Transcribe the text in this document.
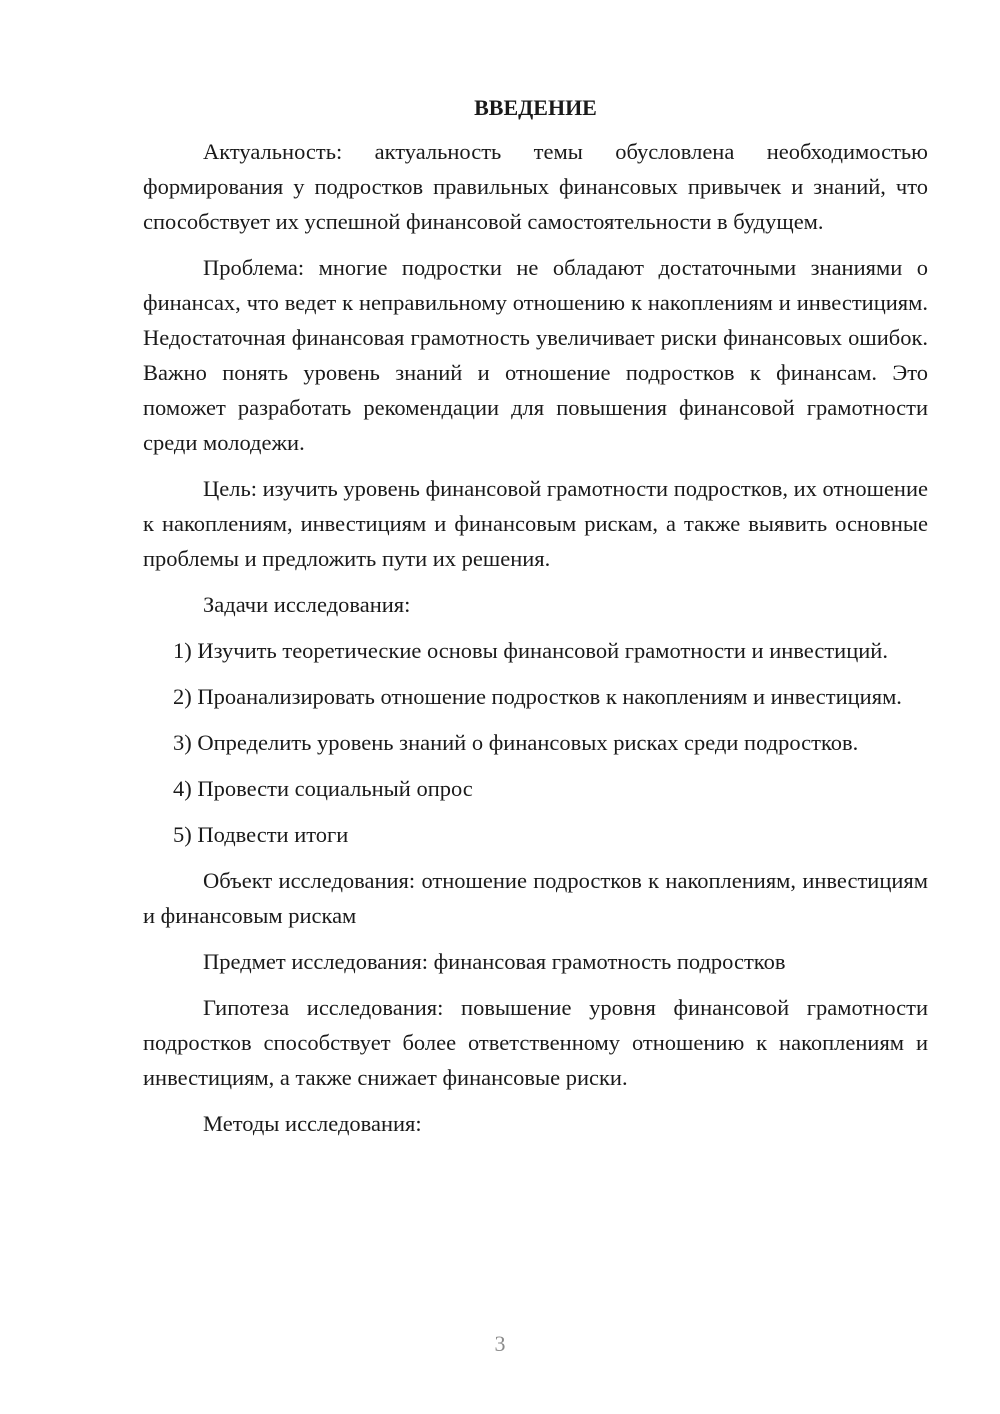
ВВЕДЕНИЕ

Актуальность: актуальность темы обусловлена необходимостью формирования у подростков правильных финансовых привычек и знаний, что способствует их успешной финансовой самостоятельности в будущем.

Проблема: многие подростки не обладают достаточными знаниями о финансах, что ведет к неправильному отношению к накоплениям и инвестициям. Недостаточная финансовая грамотность увеличивает риски финансовых ошибок. Важно понять уровень знаний и отношение подростков к финансам. Это поможет разработать рекомендации для повышения финансовой грамотности среди молодежи.

Цель: изучить уровень финансовой грамотности подростков, их отношение к накоплениям, инвестициям и финансовым рискам, а также выявить основные проблемы и предложить пути их решения.

Задачи исследования:

1) Изучить теоретические основы финансовой грамотности и инвестиций.

2) Проанализировать отношение подростков к накоплениям и инвестициям.

3) Определить уровень знаний о финансовых рисках среди подростков.

4) Провести социальный опрос

5) Подвести итоги

Объект исследования: отношение подростков к накоплениям, инвестициям и финансовым рискам

Предмет исследования: финансовая грамотность подростков

Гипотеза исследования: повышение уровня финансовой грамотности подростков способствует более ответственному отношению к накоплениям и инвестициям, а также снижает финансовые риски.

Методы исследования:

3
